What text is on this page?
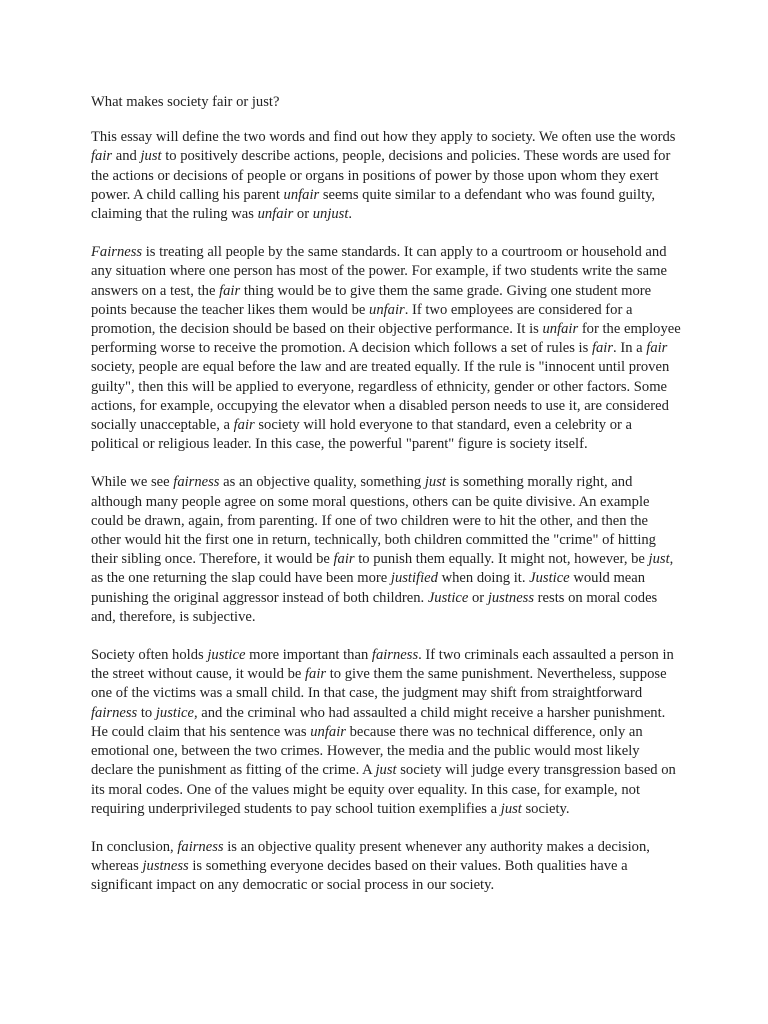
What makes society fair or just?

This essay will define the two words and find out how they apply to society. We often use the words fair and just to positively describe actions, people, decisions and policies. These words are used for the actions or decisions of people or organs in positions of power by those upon whom they exert power. A child calling his parent unfair seems quite similar to a defendant who was found guilty, claiming that the ruling was unfair or unjust.

Fairness is treating all people by the same standards. It can apply to a courtroom or household and any situation where one person has most of the power. For example, if two students write the same answers on a test, the fair thing would be to give them the same grade. Giving one student more points because the teacher likes them would be unfair. If two employees are considered for a promotion, the decision should be based on their objective performance. It is unfair for the employee performing worse to receive the promotion. A decision which follows a set of rules is fair. In a fair society, people are equal before the law and are treated equally. If the rule is "innocent until proven guilty", then this will be applied to everyone, regardless of ethnicity, gender or other factors. Some actions, for example, occupying the elevator when a disabled person needs to use it, are considered socially unacceptable, a fair society will hold everyone to that standard, even a celebrity or a political or religious leader. In this case, the powerful "parent" figure is society itself.

While we see fairness as an objective quality, something just is something morally right, and although many people agree on some moral questions, others can be quite divisive. An example could be drawn, again, from parenting. If one of two children were to hit the other, and then the other would hit the first one in return, technically, both children committed the "crime" of hitting their sibling once. Therefore, it would be fair to punish them equally. It might not, however, be just, as the one returning the slap could have been more justified when doing it. Justice would mean punishing the original aggressor instead of both children. Justice or justness rests on moral codes and, therefore, is subjective.

Society often holds justice more important than fairness. If two criminals each assaulted a person in the street without cause, it would be fair to give them the same punishment. Nevertheless, suppose one of the victims was a small child. In that case, the judgment may shift from straightforward fairness to justice, and the criminal who had assaulted a child might receive a harsher punishment. He could claim that his sentence was unfair because there was no technical difference, only an emotional one, between the two crimes. However, the media and the public would most likely declare the punishment as fitting of the crime. A just society will judge every transgression based on its moral codes. One of the values might be equity over equality. In this case, for example, not requiring underprivileged students to pay school tuition exemplifies a just society.

In conclusion, fairness is an objective quality present whenever any authority makes a decision, whereas justness is something everyone decides based on their values. Both qualities have a significant impact on any democratic or social process in our society.
